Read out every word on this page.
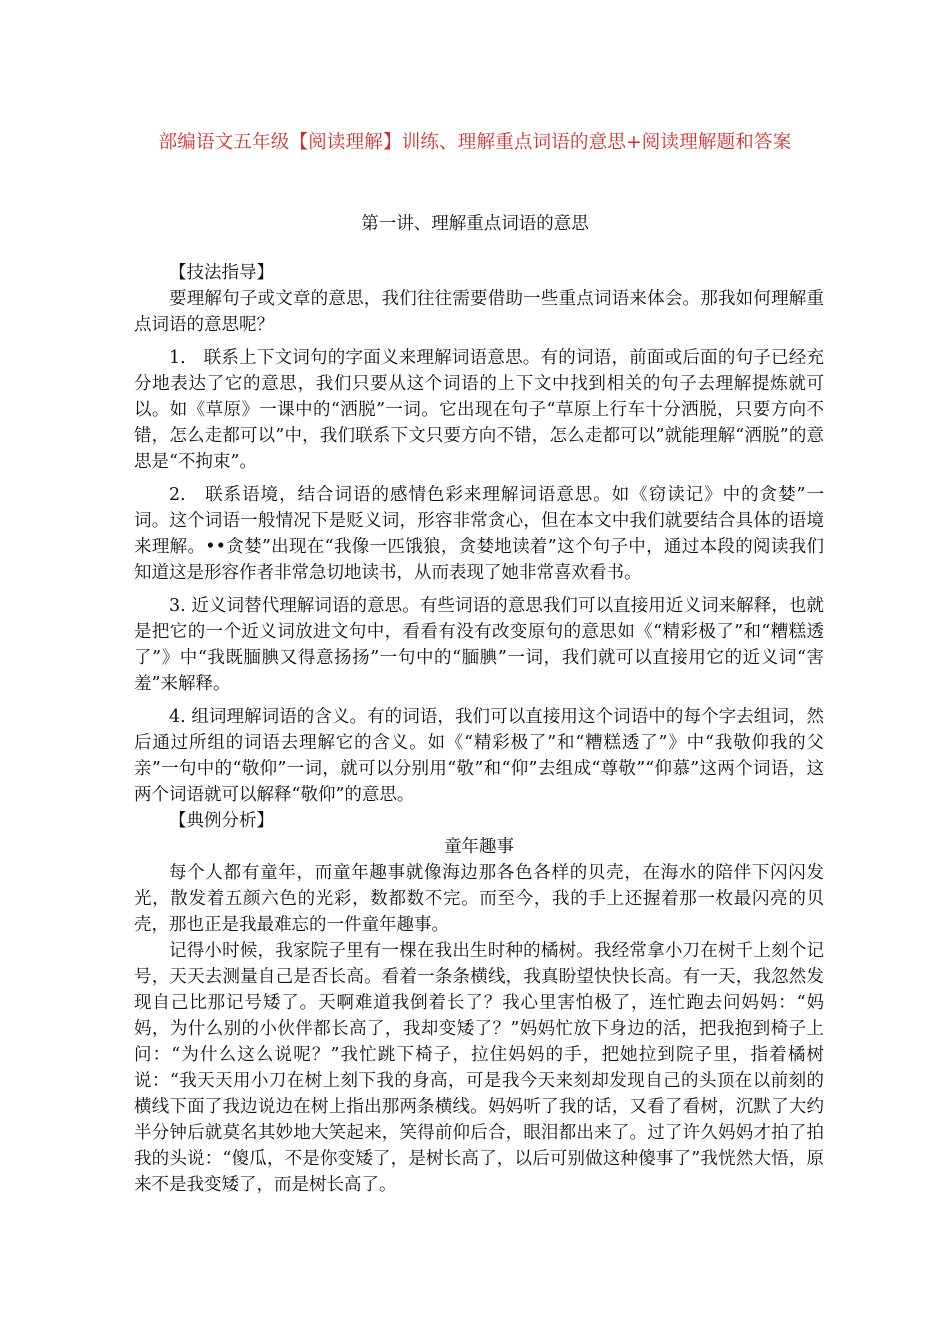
部编语文五年级【阅读理解】训练、理解重点词语的意思+阅读理解题和答案
第一讲、理解重点词语的意思

【技法指导】

要理解句子或文章的意思，我们往往需要借助一些重点词语来体会。那我如何理解重点词语的意思呢？

1.　联系上下文词句的字面义来理解词语意思。有的词语，前面或后面的句子已经充分地表达了它的意思，我们只要从这个词语的上下文中找到相关的句子去理解提炼就可以。如《草原》一课中的“洒脱”一词。它出现在句子“草原上行车十分洒脱，只要方向不错，怎么走都可以”中，我们联系下文只要方向不错，怎么走都可以”就能理解“洒脱”的意思是“不拘束”。

2.　联系语境，结合词语的感情色彩来理解词语意思。如《窃读记》中的贪婪”一词。这个词语一般情况下是贬义词，形容非常贪心，但在本文中我们就要结合具体的语境来理解。••贪婪”出现在“我像一匹饿狼，贪婪地读着”这个句子中，通过本段的阅读我们知道这是形容作者非常急切地读书，从而表现了她非常喜欢看书。

3. 近义词替代理解词语的意思。有些词语的意思我们可以直接用近义词来解释，也就是把它的一个近义词放进文句中，看看有没有改变原句的意思如《“精彩极了”和“糟糕透了”》中“我既腼腆又得意扬扬”一句中的“腼腆”一词，我们就可以直接用它的近义词“害羞”来解释。

4. 组词理解词语的含义。有的词语，我们可以直接用这个词语中的每个字去组词，然后通过所组的词语去理解它的含义。如《“精彩极了”和“糟糕透了”》中“我敬仰我的父亲”一句中的“敬仰”一词，就可以分别用“敬”和“仰”去组成“尊敬”“仰慕”这两个词语，这两个词语就可以解释“敬仰”的意思。

【典例分析】

童年趣事

每个人都有童年，而童年趣事就像海边那各色各样的贝壳，在海水的陪伴下闪闪发光，散发着五颜六色的光彩，数都数不完。而至今，我的手上还握着那一枚最闪亮的贝壳，那也正是我最难忘的一件童年趣事。

记得小时候，我家院子里有一棵在我出生时种的橘树。我经常拿小刀在树千上刻个记号，天天去测量自己是否长高。看着一条条横线，我真盼望快快长高。有一天，我忽然发现自己比那记号矮了。天啊难道我倒着长了？我心里害怕极了，连忙跑去问妈妈：“妈妈，为什么别的小伙伴都长高了，我却变矮了？”妈妈忙放下身边的活，把我抱到椅子上问：“为什么这么说呢？”我忙跳下椅子，拉住妈妈的手，把她拉到院子里，指着橘树说：“我天天用小刀在树上刻下我的身高，可是我今天来刻却发现自己的头顶在以前刻的横线下面了我边说边在树上指出那两条横线。妈妈听了我的话，又看了看树，沉默了大约半分钟后就莫名其妙地大笑起来，笑得前仰后合，眼泪都出来了。过了许久妈妈才拍了拍我的头说：“傻瓜，不是你变矮了，是树长高了，以后可别做这种傻事了”我恍然大悟，原来不是我变矮了，而是树长高了。
